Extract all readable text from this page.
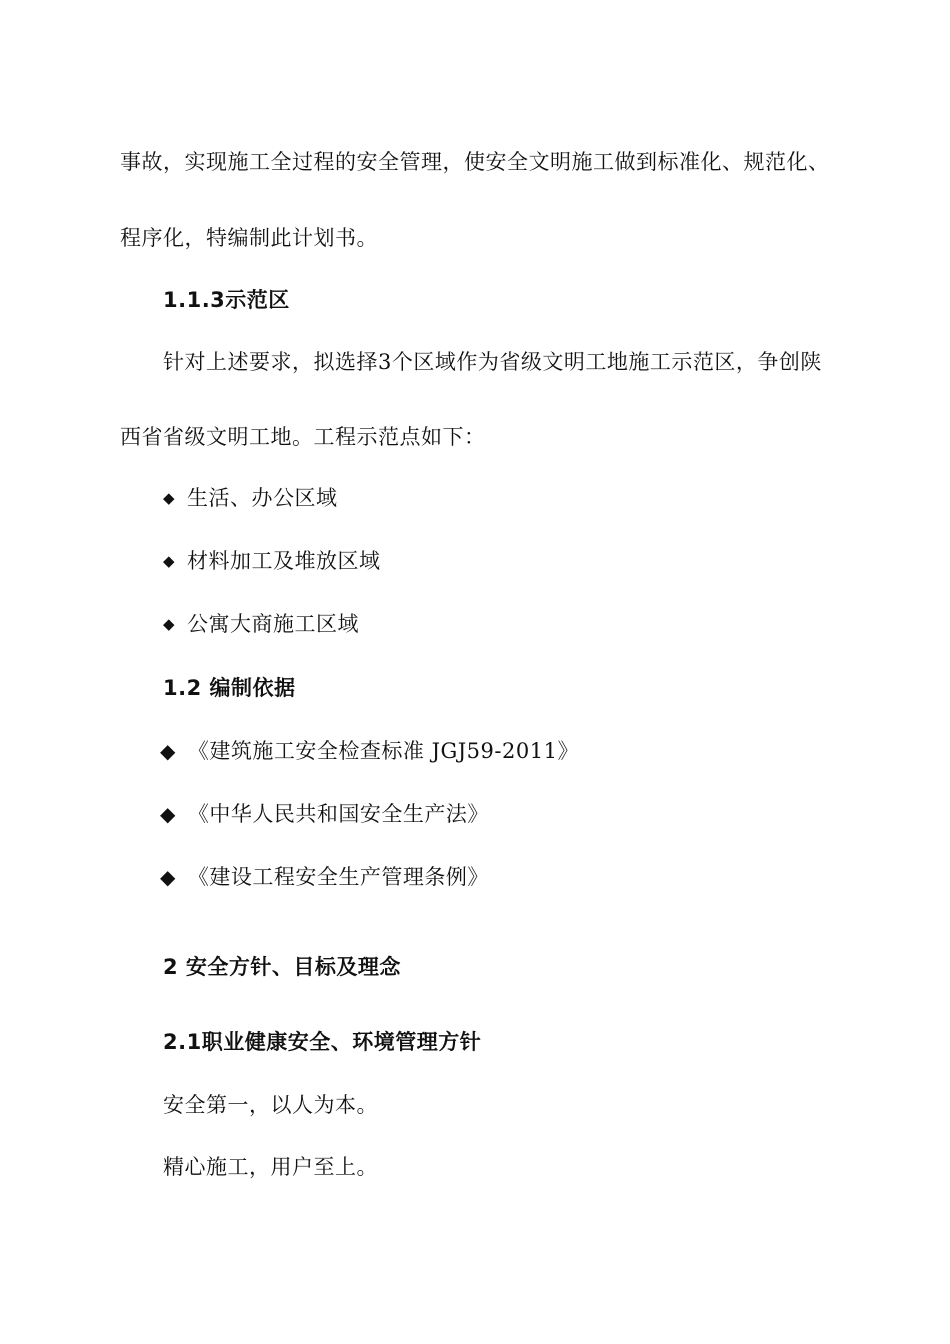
事故，实现施工全过程的安全管理，使安全文明施工做到标准化、规范化、
程序化，特编制此计划书。
1.1.3示范区
针对上述要求，拟选择3个区域作为省级文明工地施工示范区，争创陕
西省省级文明工地。工程示范点如下：
◆ 生活、办公区域
◆ 材料加工及堆放区域
◆ 公寓大商施工区域
1.2 编制依据
◆ 《建筑施工安全检查标准 JGJ59-2011》
◆ 《中华人民共和国安全生产法》
◆ 《建设工程安全生产管理条例》
2 安全方针、目标及理念
2.1职业健康安全、环境管理方针
安全第一，以人为本。
精心施工，用户至上。
